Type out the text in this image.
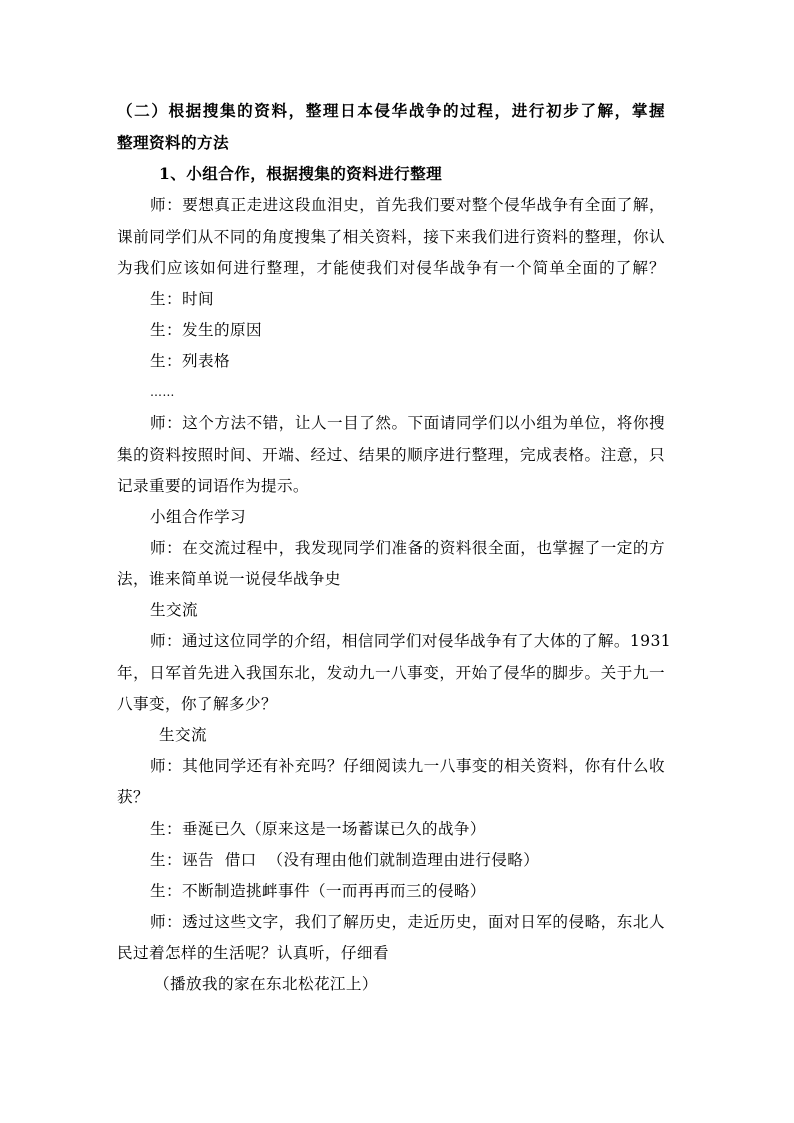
（二）根据搜集的资料，整理日本侵华战争的过程，进行初步了解，掌握
整理资料的方法
1、小组合作，根据搜集的资料进行整理
师：要想真正走进这段血泪史，首先我们要对整个侵华战争有全面了解，
课前同学们从不同的角度搜集了相关资料，接下来我们进行资料的整理，你认
为我们应该如何进行整理，才能使我们对侵华战争有一个简单全面的了解？
生：时间
生：发生的原因
生：列表格
……
师：这个方法不错，让人一目了然。下面请同学们以小组为单位，将你搜
集的资料按照时间、开端、经过、结果的顺序进行整理，完成表格。注意，只
记录重要的词语作为提示。
小组合作学习
师：在交流过程中，我发现同学们准备的资料很全面，也掌握了一定的方
法，谁来简单说一说侵华战争史
生交流
师：通过这位同学的介绍，相信同学们对侵华战争有了大体的了解。1931
年，日军首先进入我国东北，发动九一八事变，开始了侵华的脚步。关于九一
八事变，你了解多少？
生交流
师：其他同学还有补充吗？仔细阅读九一八事变的相关资料，你有什么收
获？
生：垂涎已久（原来这是一场蓄谋已久的战争）
生：诬告  借口  （没有理由他们就制造理由进行侵略）
生：不断制造挑衅事件（一而再再而三的侵略）
师：透过这些文字，我们了解历史，走近历史，面对日军的侵略，东北人
民过着怎样的生活呢？认真听，仔细看
（播放我的家在东北松花江上）
